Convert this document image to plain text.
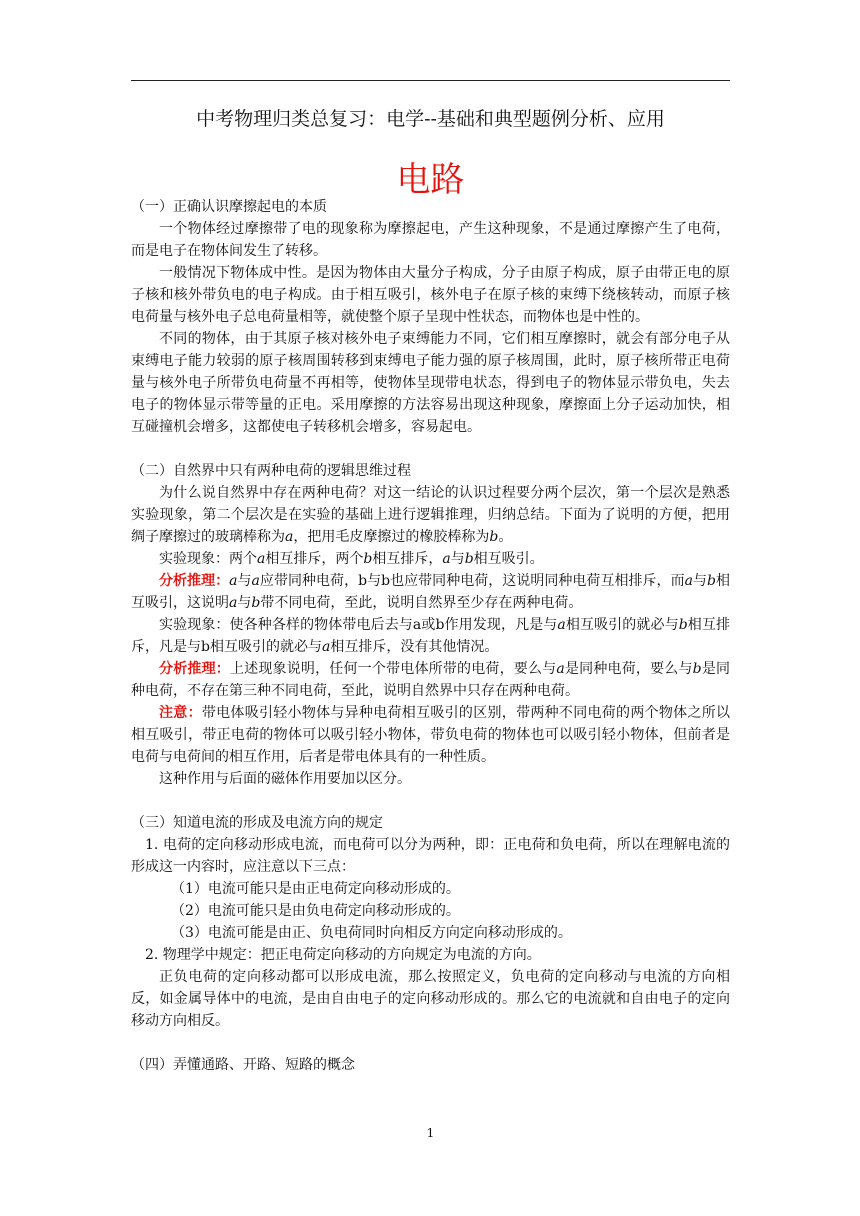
中考物理归类总复习：电学--基础和典型题例分析、应用
电路

（一）正确认识摩擦起电的本质

一个物体经过摩擦带了电的现象称为摩擦起电，产生这种现象，不是通过摩擦产生了电荷，而是电子在物体间发生了转移。

一般情况下物体成中性。是因为物体由大量分子构成，分子由原子构成，原子由带正电的原子核和核外带负电的电子构成。由于相互吸引，核外电子在原子核的束缚下绕核转动，而原子核电荷量与核外电子总电荷量相等，就使整个原子呈现中性状态，而物体也是中性的。

不同的物体，由于其原子核对核外电子束缚能力不同，它们相互摩擦时，就会有部分电子从束缚电子能力较弱的原子核周围转移到束缚电子能力强的原子核周围，此时，原子核所带正电荷量与核外电子所带负电荷量不再相等，使物体呈现带电状态，得到电子的物体显示带负电，失去电子的物体显示带等量的正电。采用摩擦的方法容易出现这种现象，摩擦面上分子运动加快，相互碰撞机会增多，这都使电子转移机会增多，容易起电。

（二）自然界中只有两种电荷的逻辑思维过程

为什么说自然界中存在两种电荷？对这一结论的认识过程要分两个层次，第一个层次是熟悉实验现象，第二个层次是在实验的基础上进行逻辑推理，归纳总结。下面为了说明的方便，把用绸子摩擦过的玻璃棒称为a，把用毛皮摩擦过的橡胶棒称为b。

实验现象：两个a相互排斥，两个b相互排斥，a与b相互吸引。

分析推理：a与a应带同种电荷，b与b也应带同种电荷，这说明同种电荷互相排斥，而a与b相互吸引，这说明a与b带不同电荷，至此，说明自然界至少存在两种电荷。

实验现象：使各种各样的物体带电后去与a或b作用发现，凡是与a相互吸引的就必与b相互排斥，凡是与b相互吸引的就必与a相互排斥，没有其他情况。

分析推理：上述现象说明，任何一个带电体所带的电荷，要么与a是同种电荷，要么与b是同种电荷，不存在第三种不同电荷，至此，说明自然界中只存在两种电荷。

注意：带电体吸引轻小物体与异种电荷相互吸引的区别，带两种不同电荷的两个物体之所以相互吸引，带正电荷的物体可以吸引轻小物体，带负电荷的物体也可以吸引轻小物体，但前者是电荷与电荷间的相互作用，后者是带电体具有的一种性质。

这种作用与后面的磁体作用要加以区分。

（三）知道电流的形成及电流方向的规定

1. 电荷的定向移动形成电流，而电荷可以分为两种，即：正电荷和负电荷，所以在理解电流的形成这一内容时，应注意以下三点：

（1）电流可能只是由正电荷定向移动形成的。

（2）电流可能只是由负电荷定向移动形成的。

（3）电流可能是由正、负电荷同时向相反方向定向移动形成的。

2. 物理学中规定：把正电荷定向移动的方向规定为电流的方向。

正负电荷的定向移动都可以形成电流，那么按照定义，负电荷的定向移动与电流的方向相反，如金属导体中的电流，是由自由电子的定向移动形成的。那么它的电流就和自由电子的定向移动方向相反。

（四）弄懂通路、开路、短路的概念

1
